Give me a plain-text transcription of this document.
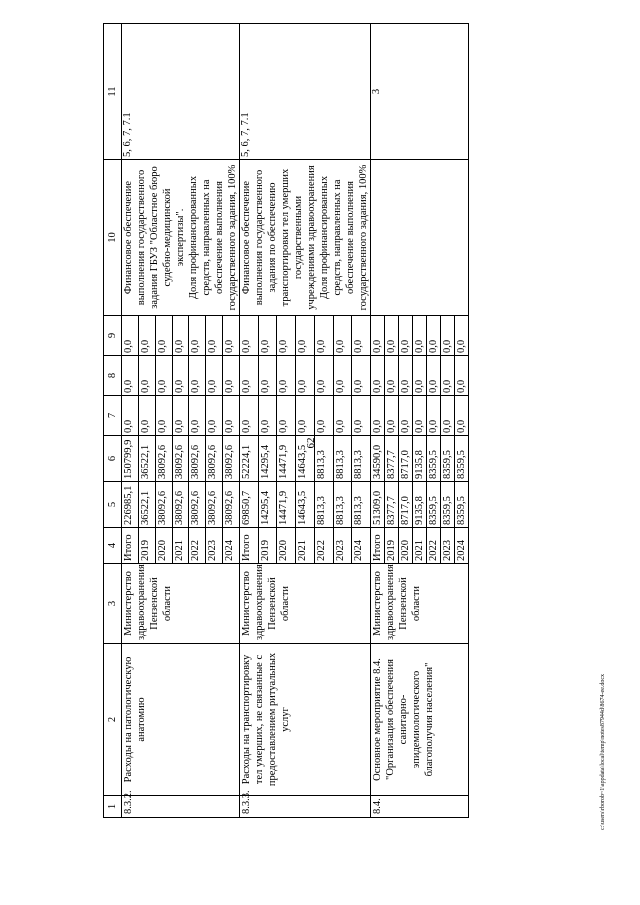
62
1	2	3	4	5	6	7	8	9	10	11
8.3.2.	Расходы на патологическую анатомию	Министерство здравоохранения Пензенской области	Итого	226985,1	150799,9	0,0	0,0	0,0	Финансовое обеспечение выполнения государственного задания ГБУЗ "Областное бюро судебно-медицинской экспертизы". Доля профинансированных средств, направленных на обеспечение выполнения государственного задания, 100%	5, 6, 7, 7.1
			2019	36522,1	36522,1	0,0	0,0	0,0		
			2020	38092,6	38092,6	0,0	0,0	0,0		
			2021	38092,6	38092,6	0,0	0,0	0,0		
			2022	38092,6	38092,6	0,0	0,0	0,0		
			2023	38092,6	38092,6	0,0	0,0	0,0		
			2024	38092,6	38092,6	0,0	0,0	0,0		
8.3.3.	Расходы на транспортировку тел умерших, не связанные с предоставлением ритуальных услуг	Министерство здравоохранения Пензенской области	Итого	69850,7	52224,1	0,0	0,0	0,0	Финансовое обеспечение выполнения государственного задания по обеспечению транспортировки тел умерших государственными учреждениями здравоохранения Доля профинансированных средств, направленных на обеспечение выполнения государственного задания, 100%	5, 6, 7, 7.1
			2019	14295,4	14295,4	0,0	0,0	0,0		
			2020	14471,9	14471,9	0,0	0,0	0,0		
			2021	14643,5	14643,5	0,0	0,0	0,0		
			2022	8813,3	8813,3	0,0	0,0	0,0		
			2023	8813,3	8813,3	0,0	0,0	0,0		
			2024	8813,3	8813,3	0,0	0,0	0,0		
8.4.	Основное мероприятие 8.4. "Организация обеспечения санитарно-эпидемиологического благополучия населения"	Министерство здравоохранения Пензенской области	Итого	51309,0	34590,0	0,0	0,0	0,0		3
			2019	8377,7	8377,7	0,0	0,0	0,0		
			2020	8717,0	8717,0	0,0	0,0	0,0		
			2021	9135,8	9135,8	0,0	0,0	0,0		
			2022	8359,5	8359,5	0,0	0,0	0,0		
			2023	8359,5	8359,5	0,0	0,0	0,0		
			2024	8359,5	8359,5	0,0	0,0	0,0		
c:\users\rborob~1\appdata\local\temp\notes87944d\8674-ee.docx
